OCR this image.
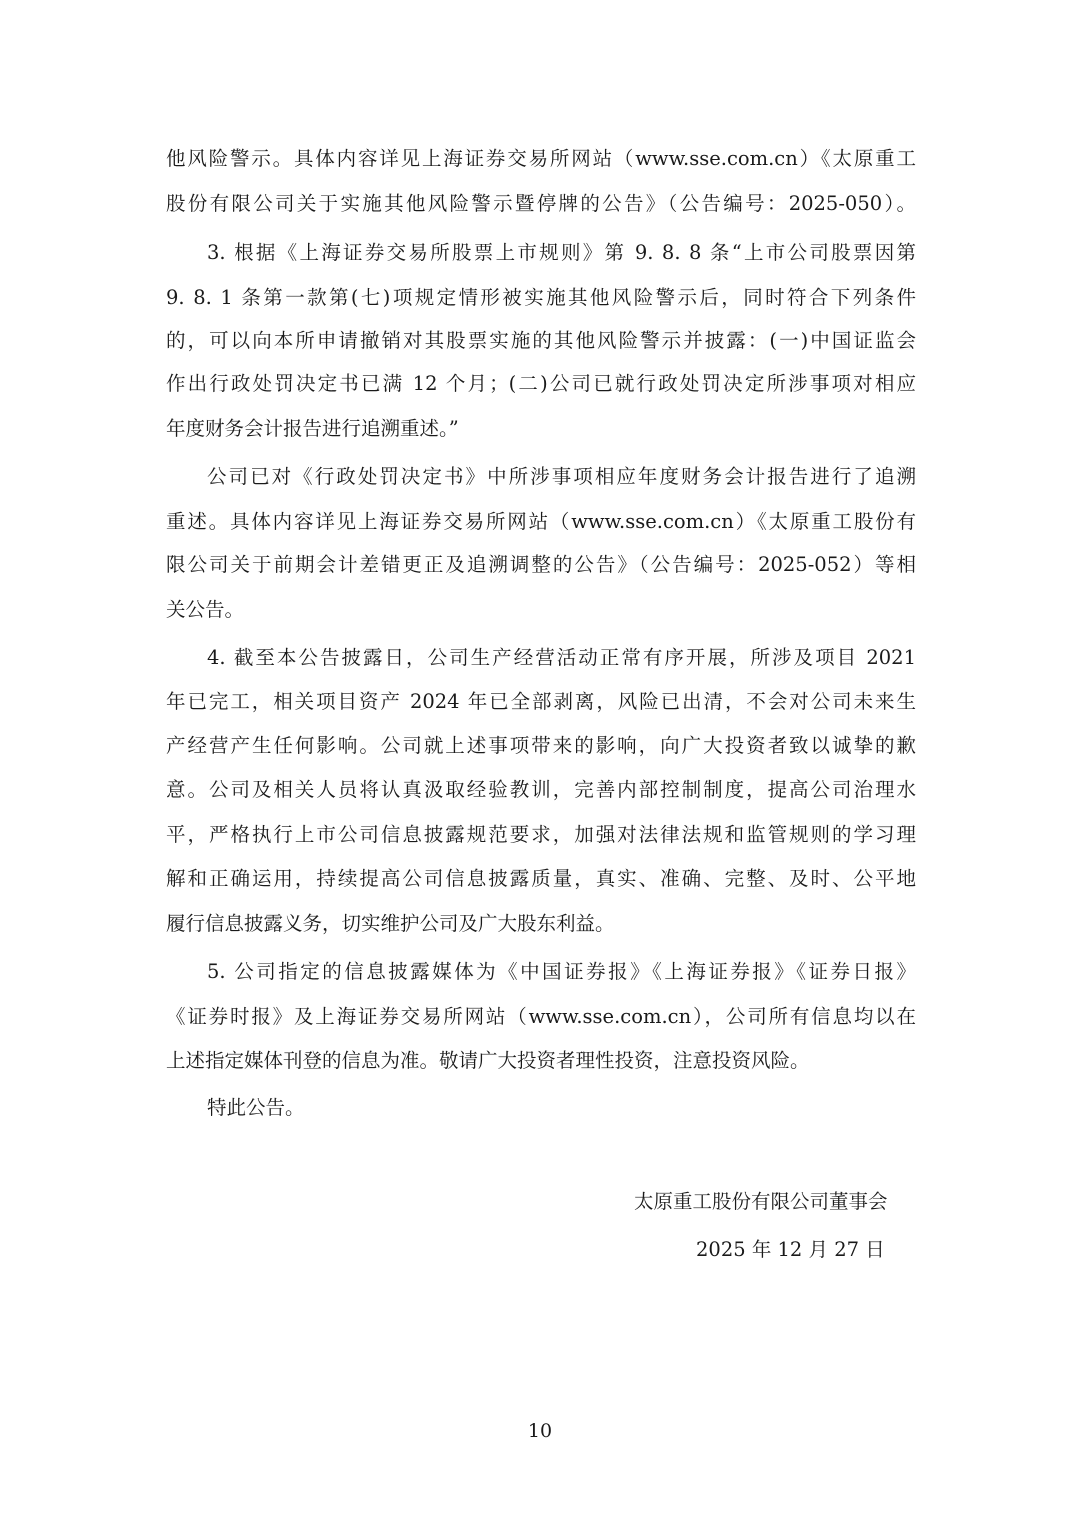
他风险警示。具体内容详见上海证券交易所网站（www.sse.com.cn）《太原重工
股份有限公司关于实施其他风险警示暨停牌的公告》（公告编号：2025-050）。
3. 根据《上海证券交易所股票上市规则》第 9. 8. 8 条“上市公司股票因第
9. 8. 1 条第一款第(七)项规定情形被实施其他风险警示后，同时符合下列条件
的，可以向本所申请撤销对其股票实施的其他风险警示并披露：(一)中国证监会
作出行政处罚决定书已满 12 个月；(二)公司已就行政处罚决定所涉事项对相应
年度财务会计报告进行追溯重述。”
公司已对《行政处罚决定书》中所涉事项相应年度财务会计报告进行了追溯
重述。具体内容详见上海证券交易所网站（www.sse.com.cn）《太原重工股份有
限公司关于前期会计差错更正及追溯调整的公告》（公告编号：2025-052）等相
关公告。
4. 截至本公告披露日，公司生产经营活动正常有序开展，所涉及项目 2021
年已完工，相关项目资产 2024 年已全部剥离，风险已出清，不会对公司未来生
产经营产生任何影响。公司就上述事项带来的影响，向广大投资者致以诚挚的歉
意。公司及相关人员将认真汲取经验教训，完善内部控制制度，提高公司治理水
平，严格执行上市公司信息披露规范要求，加强对法律法规和监管规则的学习理
解和正确运用，持续提高公司信息披露质量，真实、准确、完整、及时、公平地
履行信息披露义务，切实维护公司及广大股东利益。
5. 公司指定的信息披露媒体为《中国证券报》《上海证券报》《证券日报》
《证券时报》及上海证券交易所网站（www.sse.com.cn），公司所有信息均以在
上述指定媒体刊登的信息为准。敬请广大投资者理性投资，注意投资风险。
特此公告。
太原重工股份有限公司董事会
2025 年 12 月 27 日
10
